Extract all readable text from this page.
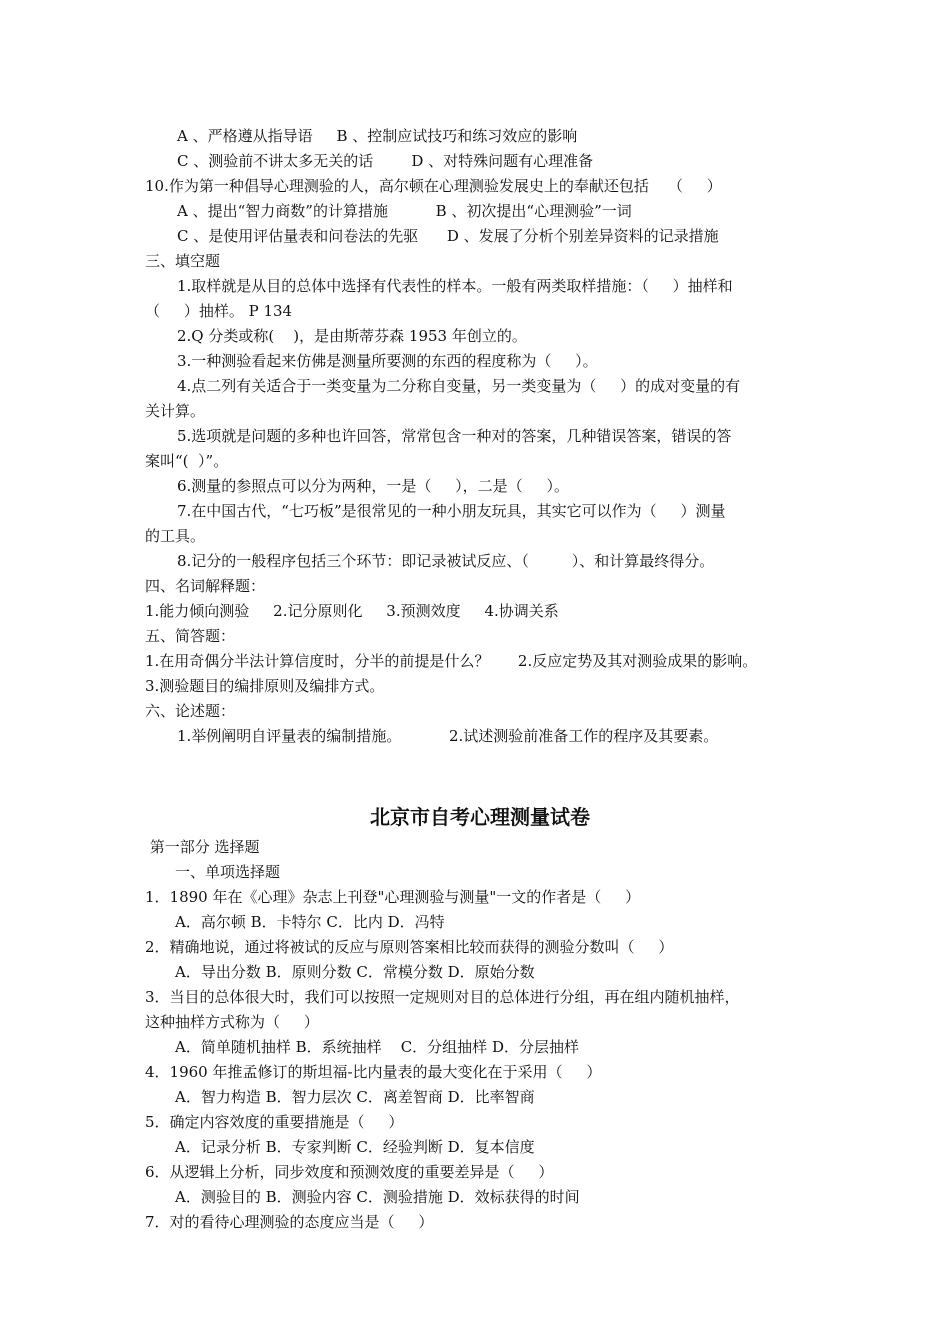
A 、严格遵从指导语     B 、控制应试技巧和练习效应的影响
C 、测验前不讲太多无关的话        D 、对特殊问题有心理准备
10.作为第一种倡导心理测验的人，高尔顿在心理测验发展史上的奉献还包括    （     ）
A 、提出“智力商数”的计算措施          B 、初次提出“心理测验”一词
C 、是使用评估量表和问卷法的先驱      D 、发展了分析个别差异资料的记录措施
三、填空题
1.取样就是从目的总体中选择有代表性的样本。一般有两类取样措施：（     ）抽样和
（     ）抽样。 P 134
2.Q 分类或称(    )，是由斯蒂芬森 1953 年创立的。
3.一种测验看起来仿佛是测量所要测的东西的程度称为（     ）。
4.点二列有关适合于一类变量为二分称自变量，另一类变量为（     ）的成对变量的有
关计算。
5.选项就是问题的多种也许回答，常常包含一种对的答案，几种错误答案，错误的答
案叫“(  ）”。
6.测量的参照点可以分为两种，一是（     ），二是（     ）。
7.在中国古代，“七巧板”是很常见的一种小朋友玩具，其实它可以作为（     ）测量
的工具。
8.记分的一般程序包括三个环节：即记录被试反应、（         ）、和计算最终得分。
四、名词解释题：
1.能力倾向测验     2.记分原则化     3.预测效度     4.协调关系
五、简答题：
1.在用奇偶分半法计算信度时，分半的前提是什么？      2.反应定势及其对测验成果的影响。
3.测验题目的编排原则及编排方式。
六、论述题：
1.举例阐明自评量表的编制措施。          2.试述测验前准备工作的程序及其要素。
北京市自考心理测量试卷
第一部分 选择题
一、单项选择题
1．1890 年在《心理》杂志上刊登"心理测验与测量"一文的作者是（     ）
A．高尔顿 B．卡特尔 C．比内 D．冯特
2．精确地说，通过将被试的反应与原则答案相比较而获得的测验分数叫（     ）
A．导出分数 B．原则分数 C．常模分数 D．原始分数
3．当目的总体很大时，我们可以按照一定规则对目的总体进行分组，再在组内随机抽样，
这种抽样方式称为（     ）
A．简单随机抽样 B．系统抽样    C．分组抽样 D．分层抽样
4．1960 年推孟修订的斯坦福-比内量表的最大变化在于采用（     ）
A．智力构造 B．智力层次 C．离差智商 D．比率智商
5．确定内容效度的重要措施是（     ）
A．记录分析 B．专家判断 C．经验判断 D．复本信度
6．从逻辑上分析，同步效度和预测效度的重要差异是（     ）
A．测验目的 B．测验内容 C．测验措施 D．效标获得的时间
7．对的看待心理测验的态度应当是（     ）
